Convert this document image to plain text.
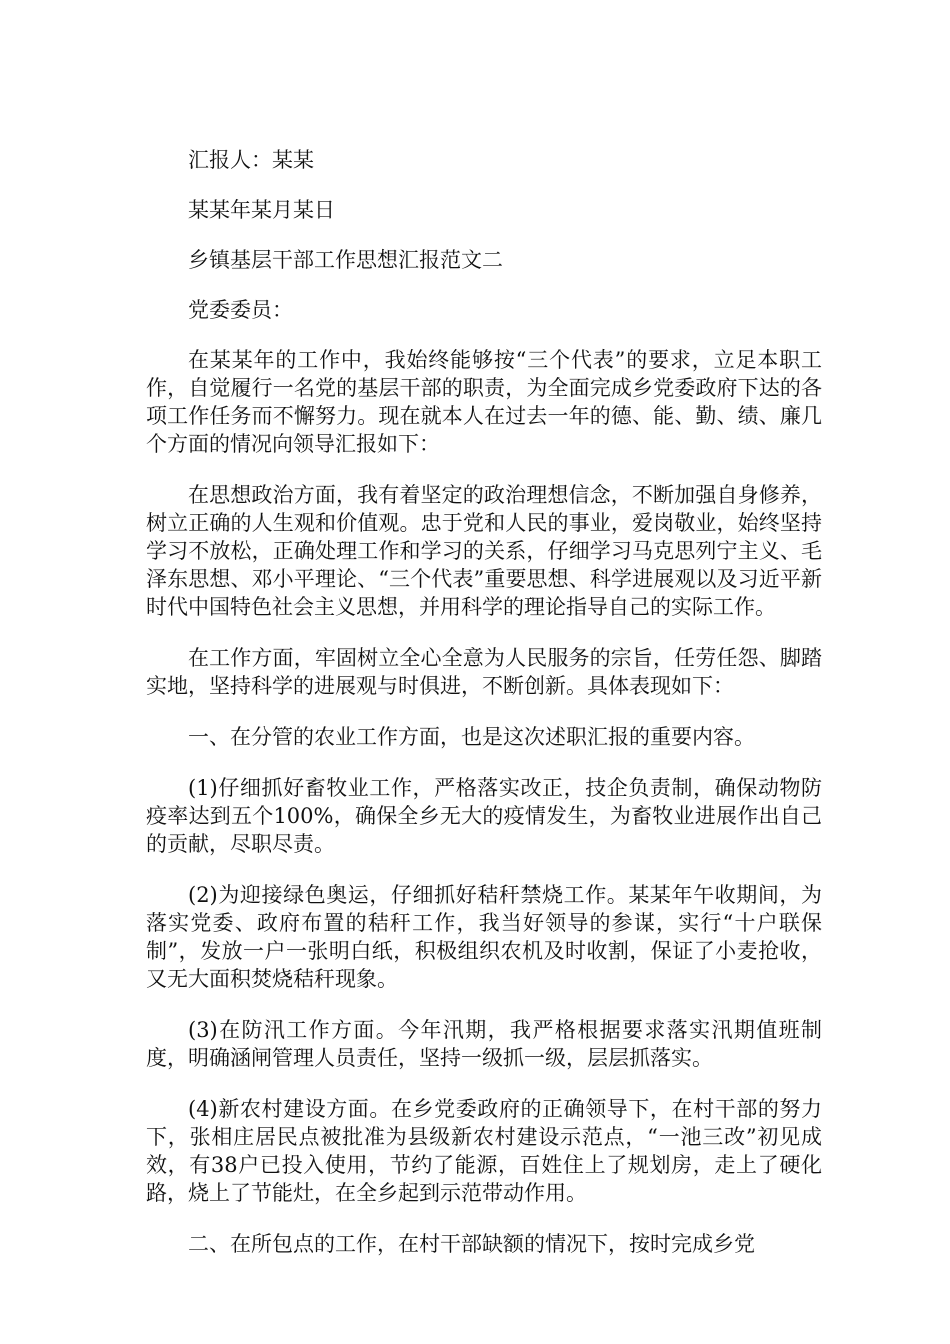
汇报人：某某

某某年某月某日

乡镇基层干部工作思想汇报范文二

党委委员：

在某某年的工作中，我始终能够按“三个代表”的要求，立足本职工作，自觉履行一名党的基层干部的职责，为全面完成乡党委政府下达的各项工作任务而不懈努力。现在就本人在过去一年的德、能、勤、绩、廉几个方面的情况向领导汇报如下：

在思想政治方面，我有着坚定的政治理想信念，不断加强自身修养，树立正确的人生观和价值观。忠于党和人民的事业，爱岗敬业，始终坚持学习不放松，正确处理工作和学习的关系，仔细学习马克思列宁主义、毛泽东思想、邓小平理论、“三个代表”重要思想、科学进展观以及习近平新时代中国特色社会主义思想，并用科学的理论指导自己的实际工作。

在工作方面，牢固树立全心全意为人民服务的宗旨，任劳任怨、脚踏实地，坚持科学的进展观与时俱进，不断创新。具体表现如下：

一、在分管的农业工作方面，也是这次述职汇报的重要内容。

(1)仔细抓好畜牧业工作，严格落实改正，技企负责制，确保动物防疫率达到五个100%，确保全乡无大的疫情发生，为畜牧业进展作出自己的贡献，尽职尽责。

(2)为迎接绿色奥运，仔细抓好秸秆禁烧工作。某某年午收期间，为落实党委、政府布置的秸秆工作，我当好领导的参谋，实行“十户联保制”，发放一户一张明白纸，积极组织农机及时收割，保证了小麦抢收，又无大面积焚烧秸秆现象。

(3)在防汛工作方面。今年汛期，我严格根据要求落实汛期值班制度，明确涵闸管理人员责任，坚持一级抓一级，层层抓落实。

(4)新农村建设方面。在乡党委政府的正确领导下，在村干部的努力下，张相庄居民点被批准为县级新农村建设示范点，“一池三改”初见成效，有38户已投入使用，节约了能源，百姓住上了规划房，走上了硬化路，烧上了节能灶，在全乡起到示范带动作用。

二、在所包点的工作，在村干部缺额的情况下，按时完成乡党
